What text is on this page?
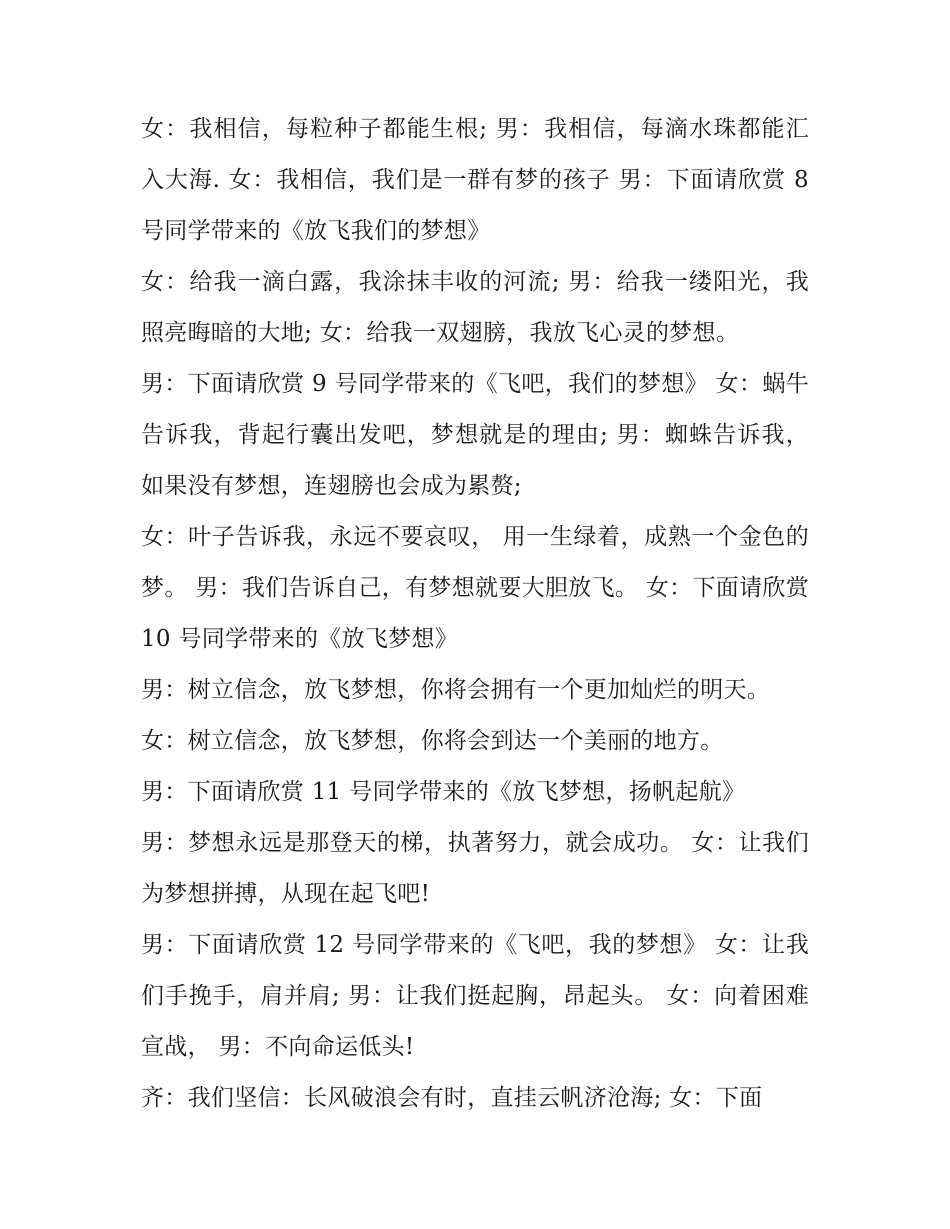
女：我相信，每粒种子都能生根; 男：我相信，每滴水珠都能汇入大海. 女：我相信，我们是一群有梦的孩子 男：下面请欣赏 8 号同学带来的《放飞我们的梦想》

女：给我一滴白露，我涂抹丰收的河流; 男：给我一缕阳光，我照亮晦暗的大地; 女：给我一双翅膀，我放飞心灵的梦想。

男：下面请欣赏 9 号同学带来的《飞吧，我们的梦想》 女：蜗牛告诉我，背起行囊出发吧，梦想就是的理由; 男：蜘蛛告诉我，如果没有梦想，连翅膀也会成为累赘;

女：叶子告诉我，永远不要哀叹， 用一生绿着，成熟一个金色的梦。 男：我们告诉自己，有梦想就要大胆放飞。 女：下面请欣赏 10 号同学带来的《放飞梦想》

男：树立信念，放飞梦想，你将会拥有一个更加灿烂的明天。

女：树立信念，放飞梦想，你将会到达一个美丽的地方。

男：下面请欣赏 11 号同学带来的《放飞梦想，扬帆起航》

男：梦想永远是那登天的梯，执著努力，就会成功。 女：让我们为梦想拼搏，从现在起飞吧!

男：下面请欣赏 12 号同学带来的《飞吧，我的梦想》 女：让我们手挽手，肩并肩; 男：让我们挺起胸，昂起头。 女：向着困难宣战， 男：不向命运低头!

齐：我们坚信：长风破浪会有时，直挂云帆济沧海; 女：下面
